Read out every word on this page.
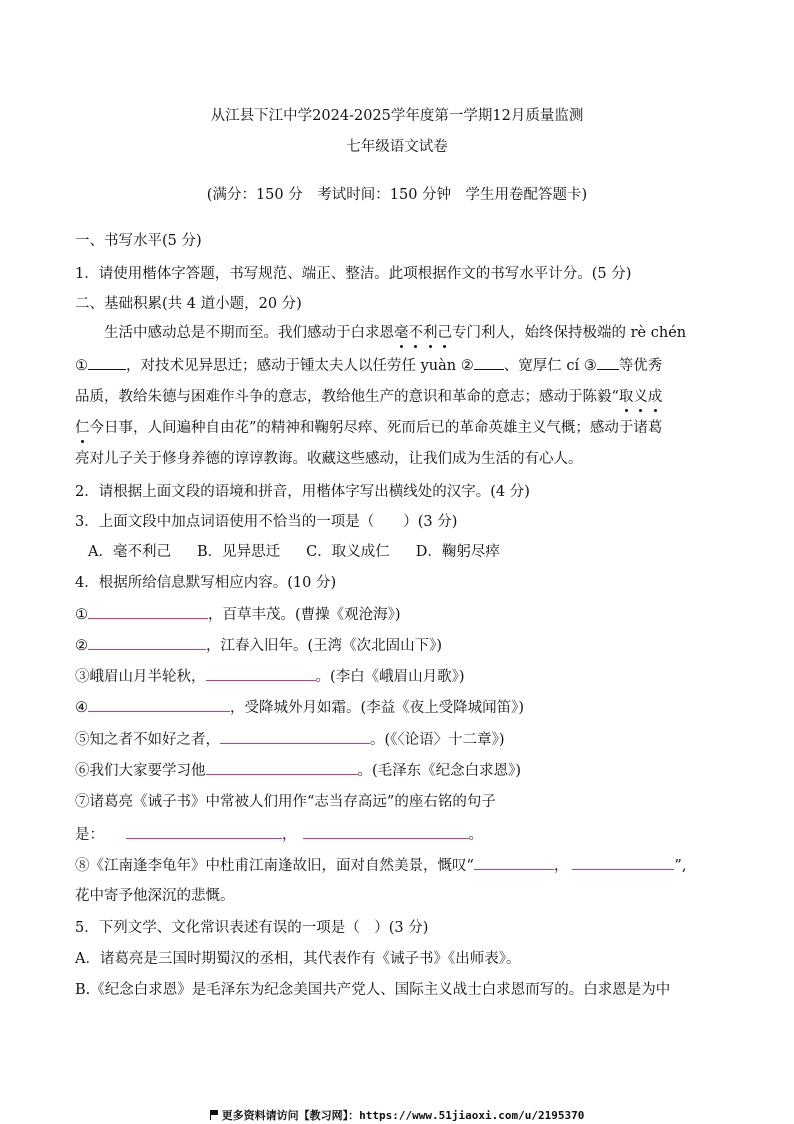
从江县下江中学2024-2025学年度第一学期12月质量监测
七年级语文试卷
(满分：150 分　考试时间：150 分钟　学生用卷配答题卡)
一、书写水平(5 分)
1．请使用楷体字答题，书写规范、端正、整洁。此项根据作文的书写水平计分。(5 分)
二、基础积累(共 4 道小题，20 分)
生活中感动总是不期而至。我们感动于白求恩毫不利己专门利人，始终保持极端的 rè chén
①	，对技术见异思迁；感动于锺太夫人以任劳任 yuàn ② 、宽厚仁 cí ③ 等优秀
品质，教给朱德与困难作斗争的意志，教给他生产的意识和革命的意志；感动于陈毅“取义成
仁今日事，人间遍种自由花”的精神和鞠躬尽瘁、死而后已的革命英雄主义气概；感动于诸葛
亮对儿子关于修身养德的谆谆教诲。收藏这些感动，让我们成为生活的有心人。
2．请根据上面文段的语境和拼音，用楷体字写出横线处的汉字。(4 分)
3．上面文段中加点词语使用不恰当的一项是（　　）(3 分)
A．毫不利己 B．见异思迁 C．取义成仁 D．鞠躬尽瘁
4．根据所给信息默写相应内容。(10 分)
①	，百草丰茂。(曹操《观沧海》)
②	，江春入旧年。(王湾《次北固山下》)
③峨眉山月半轮秋，	。(李白《峨眉山月歌》)
④	，受降城外月如霜。(李益《夜上受降城闻笛》)
⑤知之者不如好之者，	。(《〈论语〉十二章》)
⑥我们大家要学习他	。(毛泽东《纪念白求恩》)
⑦诸葛亮《诫子书》中常被人们用作“志当存高远”的座右铭的句子
是：	，	。
⑧《江南逢李龟年》中杜甫江南逢故旧，面对自然美景，慨叹“	，	”,
花中寄予他深沉的悲慨。
5．下列文学、文化常识表述有误的一项是（　）(3 分)
A．诸葛亮是三国时期蜀汉的丞相，其代表作有《诫子书》《出师表》。
B.《纪念白求恩》是毛泽东为纪念美国共产党人、国际主义战士白求恩而写的。白求恩是为中
更多资料请访问【教习网】：https://www.51jiaoxi.com/u/2195370
